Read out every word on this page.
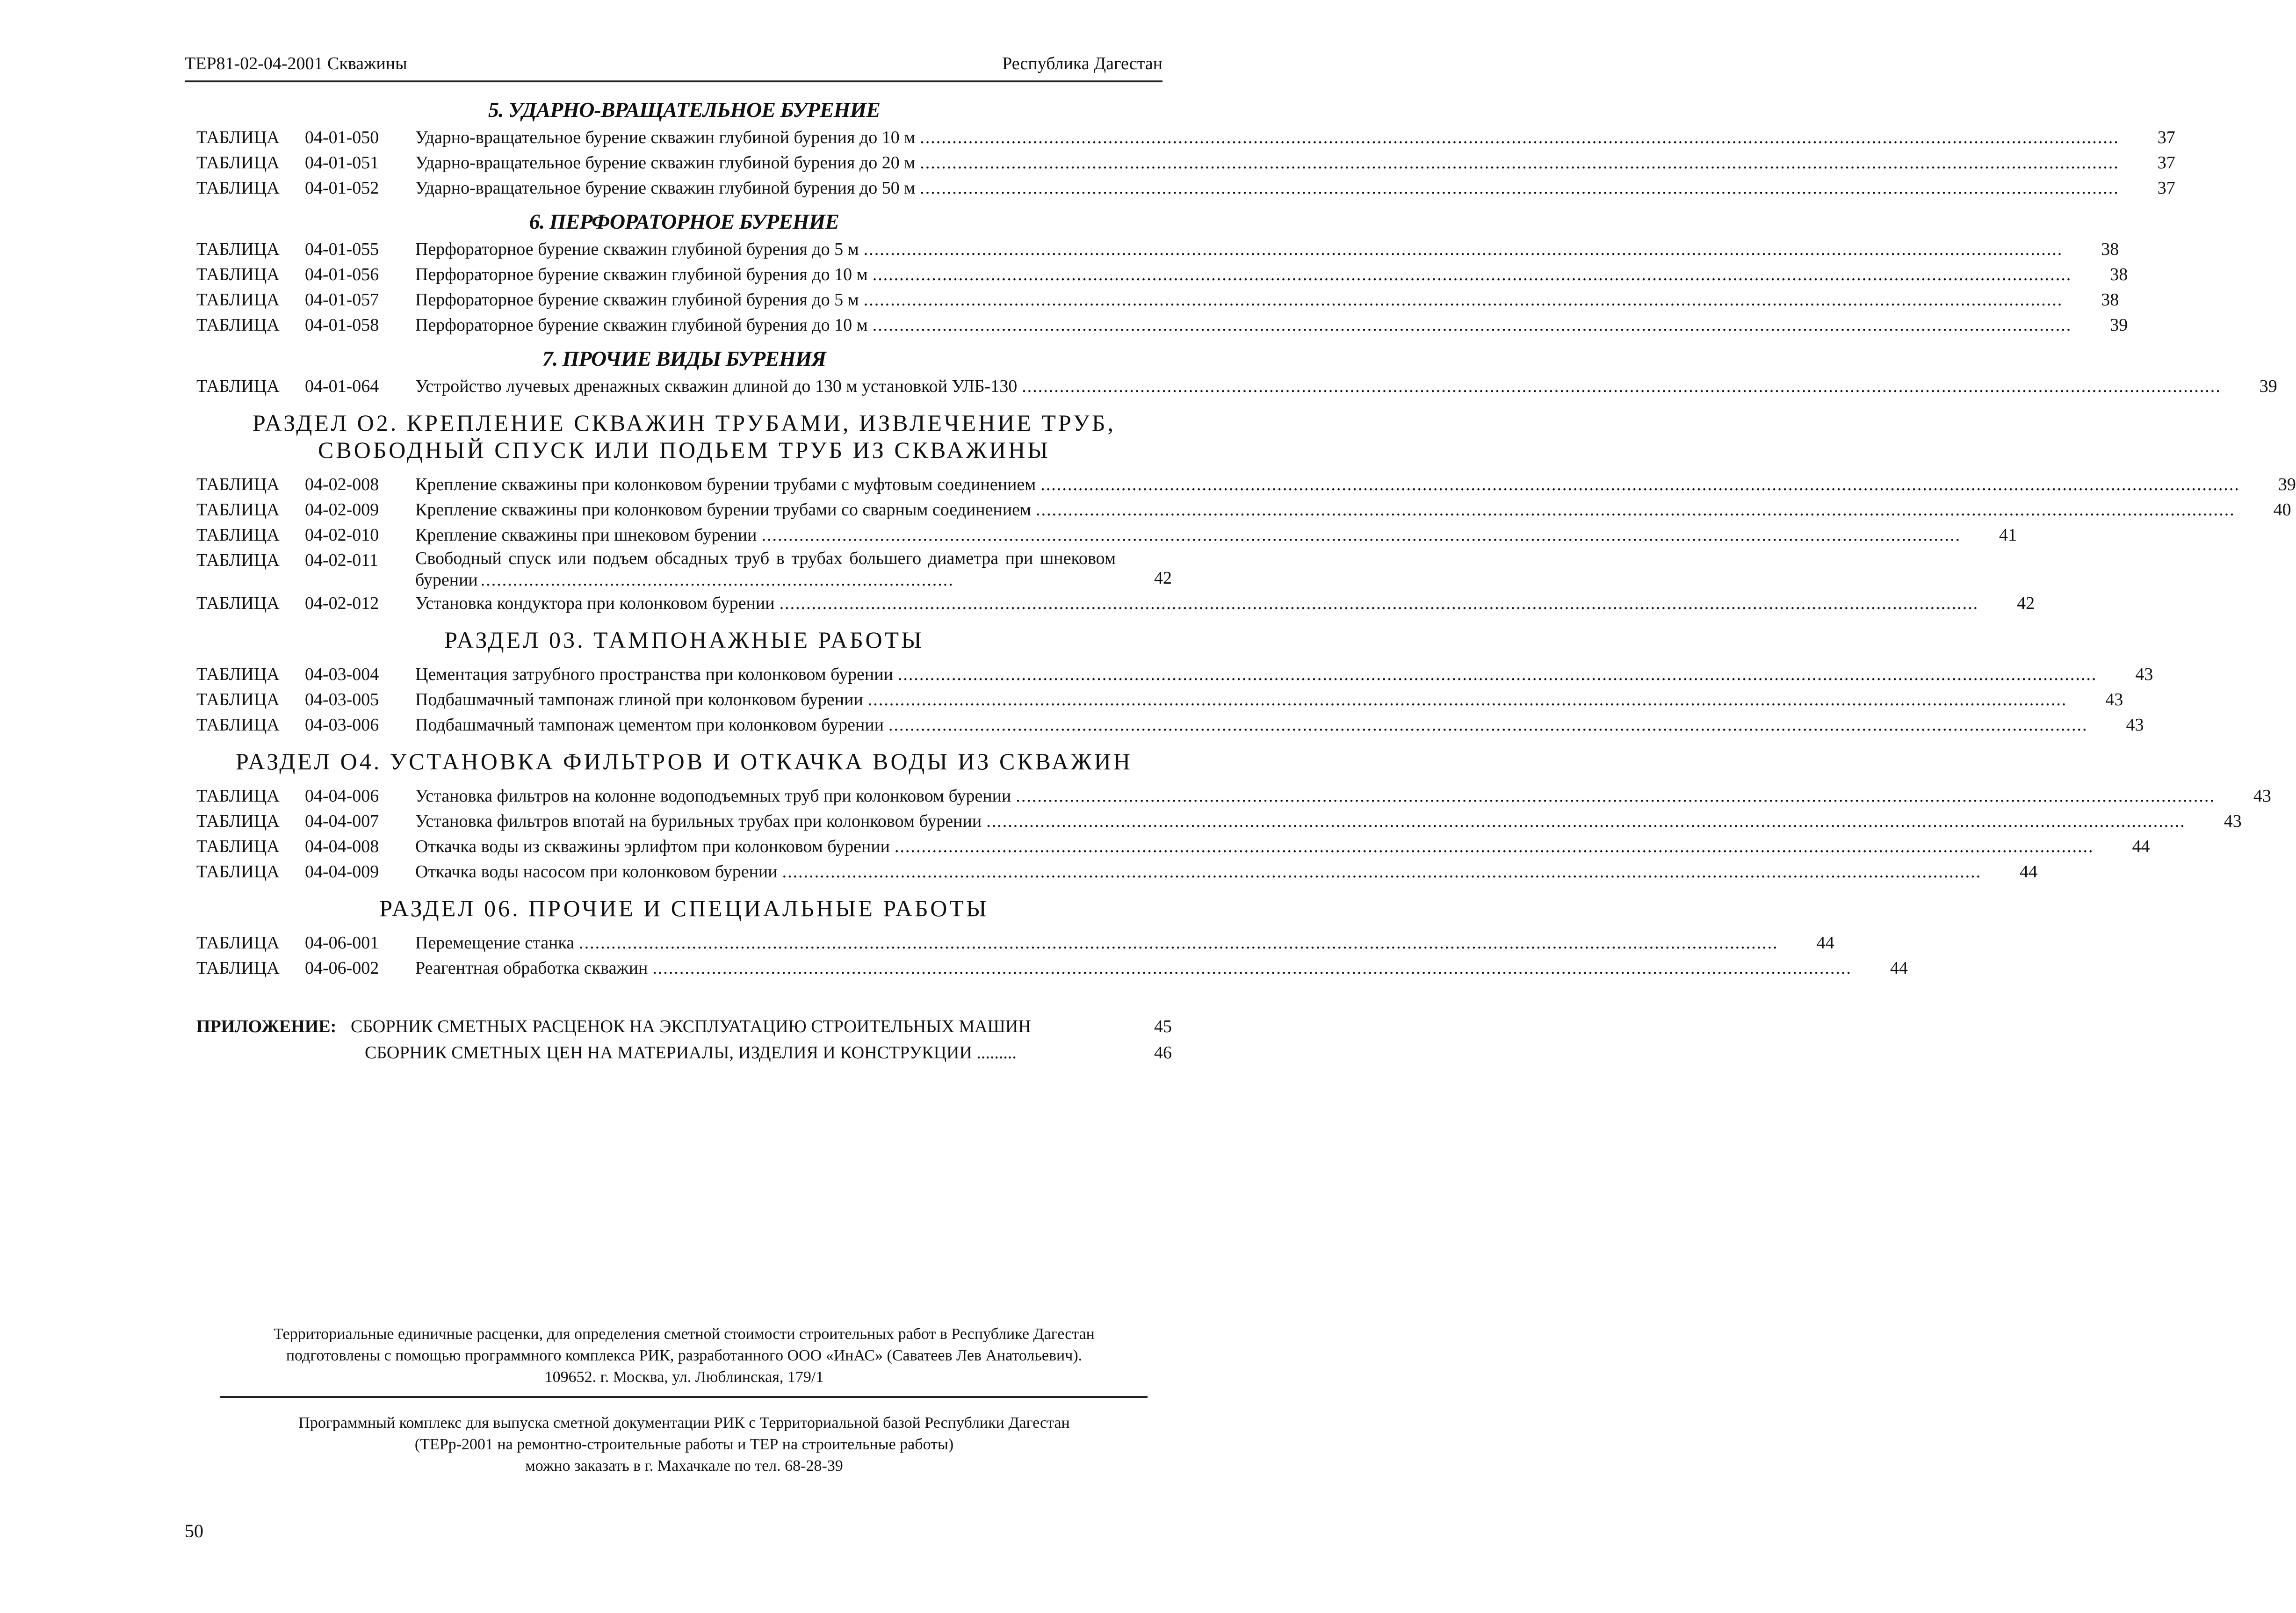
ТЕР81-02-04-2001 Скважины	Республика Дагестан
5. УДАРНО-ВРАЩАТЕЛЬНОЕ БУРЕНИЕ
ТАБЛИЦА	04-01-050	Ударно-вращательное бурение скважин глубиной бурения до 10 м .....	37
ТАБЛИЦА	04-01-051	Ударно-вращательное бурение скважин глубиной бурения до 20 м .....	37
ТАБЛИЦА	04-01-052	Ударно-вращательное бурение скважин глубиной бурения до 50 м .....	37
6. ПЕРФОРАТОРНОЕ БУРЕНИЕ
ТАБЛИЦА	04-01-055	Перфораторное бурение скважин глубиной бурения до 5 м .....	38
ТАБЛИЦА	04-01-056	Перфораторное бурение скважин глубиной бурения до 10 м .....	38
ТАБЛИЦА	04-01-057	Перфораторное бурение скважин глубиной бурения до 5 м .....	38
ТАБЛИЦА	04-01-058	Перфораторное бурение скважин глубиной бурения до 10 м .....	39
7. ПРОЧИЕ ВИДЫ БУРЕНИЯ
ТАБЛИЦА	04-01-064	Устройство лучевых дренажных скважин длиной до 130 м установкой УЛБ-130 .....	39
РАЗДЕЛ О2. КРЕПЛЕНИЕ СКВАЖИН ТРУБАМИ, ИЗВЛЕЧЕНИЕ ТРУБ,
СВОБОДНЫЙ СПУСК ИЛИ ПОДЬЕМ ТРУБ ИЗ СКВАЖИНЫ
ТАБЛИЦА	04-02-008	Крепление скважины при колонковом бурении трубами с муфтовым соединением .....	39
ТАБЛИЦА	04-02-009	Крепление скважины при колонковом бурении трубами со сварным соединением .....	40
ТАБЛИЦА	04-02-010	Крепление скважины при шнековом бурении .....	41
ТАБЛИЦА	04-02-011	Свободный спуск или подъем обсадных труб в трубах большего диаметра при шнековом бурении .....	42
ТАБЛИЦА	04-02-012	Установка кондуктора при колонковом бурении .....	42
РАЗДЕЛ 03. ТАМПОНАЖНЫЕ РАБОТЫ
ТАБЛИЦА	04-03-004	Цементация затрубного пространства при колонковом бурении .....	43
ТАБЛИЦА	04-03-005	Подбашмачный тампонаж глиной при колонковом бурении .....	43
ТАБЛИЦА	04-03-006	Подбашмачный тампонаж цементом при колонковом бурении .....	43
РАЗДЕЛ О4. УСТАНОВКА ФИЛЬТРОВ И ОТКАЧКА ВОДЫ ИЗ СКВАЖИН
ТАБЛИЦА	04-04-006	Установка фильтров на колонне водоподъемных труб при колонковом бурении .....	43
ТАБЛИЦА	04-04-007	Установка фильтров впотай на бурильных трубах при колонковом бурении .....	43
ТАБЛИЦА	04-04-008	Откачка воды из скважины эрлифтом при колонковом бурении .....	44
ТАБЛИЦА	04-04-009	Откачка воды насосом при колонковом бурении .....	44
РАЗДЕЛ 06. ПРОЧИЕ И СПЕЦИАЛЬНЫЕ РАБОТЫ
ТАБЛИЦА	04-06-001	Перемещение станка .....	44
ТАБЛИЦА	04-06-002	Реагентная обработка скважин .....	44
ПРИЛОЖЕНИЕ: СБОРНИК СМЕТНЫХ РАСЦЕНОК НА ЭКСПЛУАТАЦИЮ СТРОИТЕЛЬНЫХ МАШИН	45
СБОРНИК СМЕТНЫХ ЦЕН НА МАТЕРИАЛЫ, ИЗДЕЛИЯ И КОНСТРУКЦИИ .........	46
Территориальные единичные расценки, для определения сметной стоимости строительных работ в Республике Дагестан
подготовлены с помощью программного комплекса РИК, разработанного ООО «ИнАС» (Саватеев Лев Анатольевич).
109652. г. Москва, ул. Люблинская, 179/1
Программный комплекс для выпуска сметной документации РИК с Территориальной базой Республики Дагестан
(ТЕРр-2001 на ремонтно-строительные работы и ТЕР на строительные работы)
можно заказать в г. Махачкале по тел. 68-28-39
50
